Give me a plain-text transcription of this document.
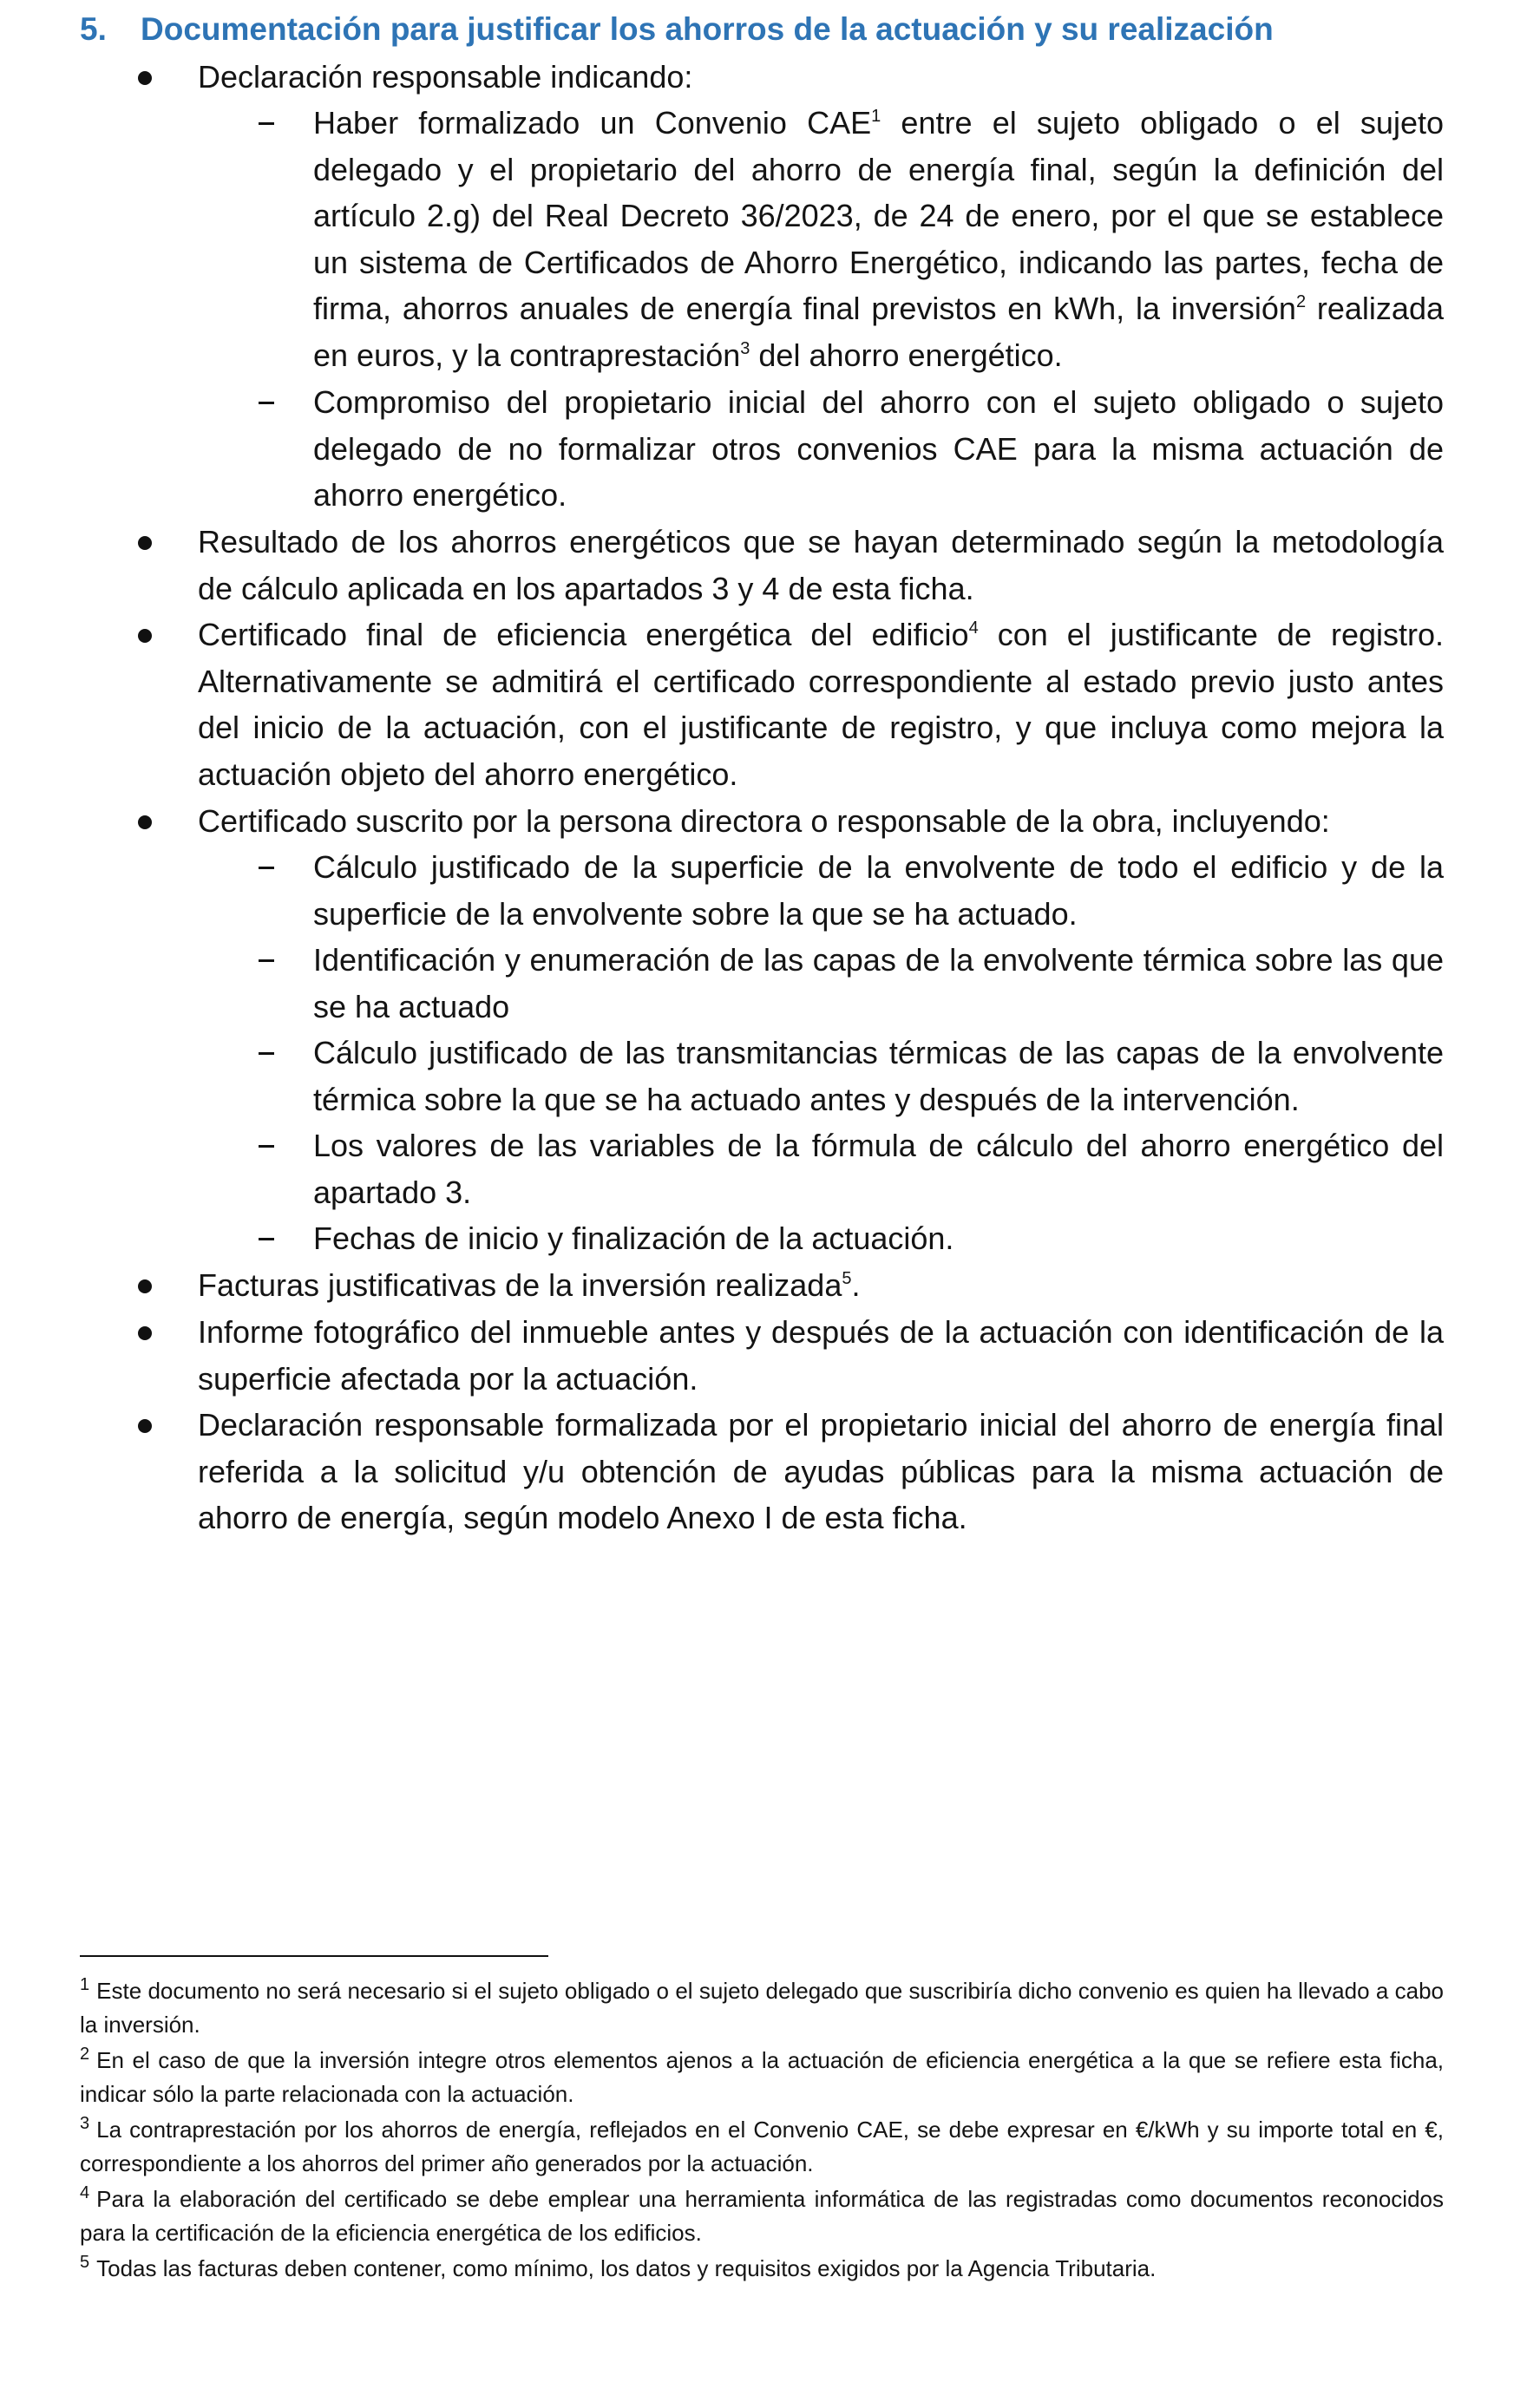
5. Documentación para justificar los ahorros de la actuación y su realización

Declaración responsable indicando:

Haber formalizado un Convenio CAE$^1$ entre el sujeto obligado o el sujeto delegado y el propietario del ahorro de energía final, según la definición del artículo 2.g) del Real Decreto 36/2023, de 24 de enero, por el que se establece un sistema de Certificados de Ahorro Energético, indicando las partes, fecha de firma, ahorros anuales de energía final previstos en kWh, la inversión$^2$ realizada en euros, y la contraprestación$^3$ del ahorro energético.

Compromiso del propietario inicial del ahorro con el sujeto obligado o sujeto delegado de no formalizar otros convenios CAE para la misma actuación de ahorro energético.

Resultado de los ahorros energéticos que se hayan determinado según la metodología de cálculo aplicada en los apartados 3 y 4 de esta ficha.

Certificado final de eficiencia energética del edificio$^4$ con el justificante de registro. Alternativamente se admitirá el certificado correspondiente al estado previo justo antes del inicio de la actuación, con el justificante de registro, y que incluya como mejora la actuación objeto del ahorro energético.

Certificado suscrito por la persona directora o responsable de la obra, incluyendo:

Cálculo justificado de la superficie de la envolvente de todo el edificio y de la superficie de la envolvente sobre la que se ha actuado.

Identificación y enumeración de las capas de la envolvente térmica sobre las que se ha actuado

Cálculo justificado de las transmitancias térmicas de las capas de la envolvente térmica sobre la que se ha actuado antes y después de la intervención.

Los valores de las variables de la fórmula de cálculo del ahorro energético del apartado 3.

Fechas de inicio y finalización de la actuación.

Facturas justificativas de la inversión realizada$^5$.

Informe fotográfico del inmueble antes y después de la actuación con identificación de la superficie afectada por la actuación.

Declaración responsable formalizada por el propietario inicial del ahorro de energía final referida a la solicitud y/u obtención de ayudas públicas para la misma actuación de ahorro de energía, según modelo Anexo I de esta ficha.

$^1$ Este documento no será necesario si el sujeto obligado o el sujeto delegado que suscribiría dicho convenio es quien ha llevado a cabo la inversión.

$^2$ En el caso de que la inversión integre otros elementos ajenos a la actuación de eficiencia energética a la que se refiere esta ficha, indicar sólo la parte relacionada con la actuación.

$^3$ La contraprestación por los ahorros de energía, reflejados en el Convenio CAE, se debe expresar en €/kWh y su importe total en €, correspondiente a los ahorros del primer año generados por la actuación.

$^4$ Para la elaboración del certificado se debe emplear una herramienta informática de las registradas como documentos reconocidos para la certificación de la eficiencia energética de los edificios.

$^5$ Todas las facturas deben contener, como mínimo, los datos y requisitos exigidos por la Agencia Tributaria.
